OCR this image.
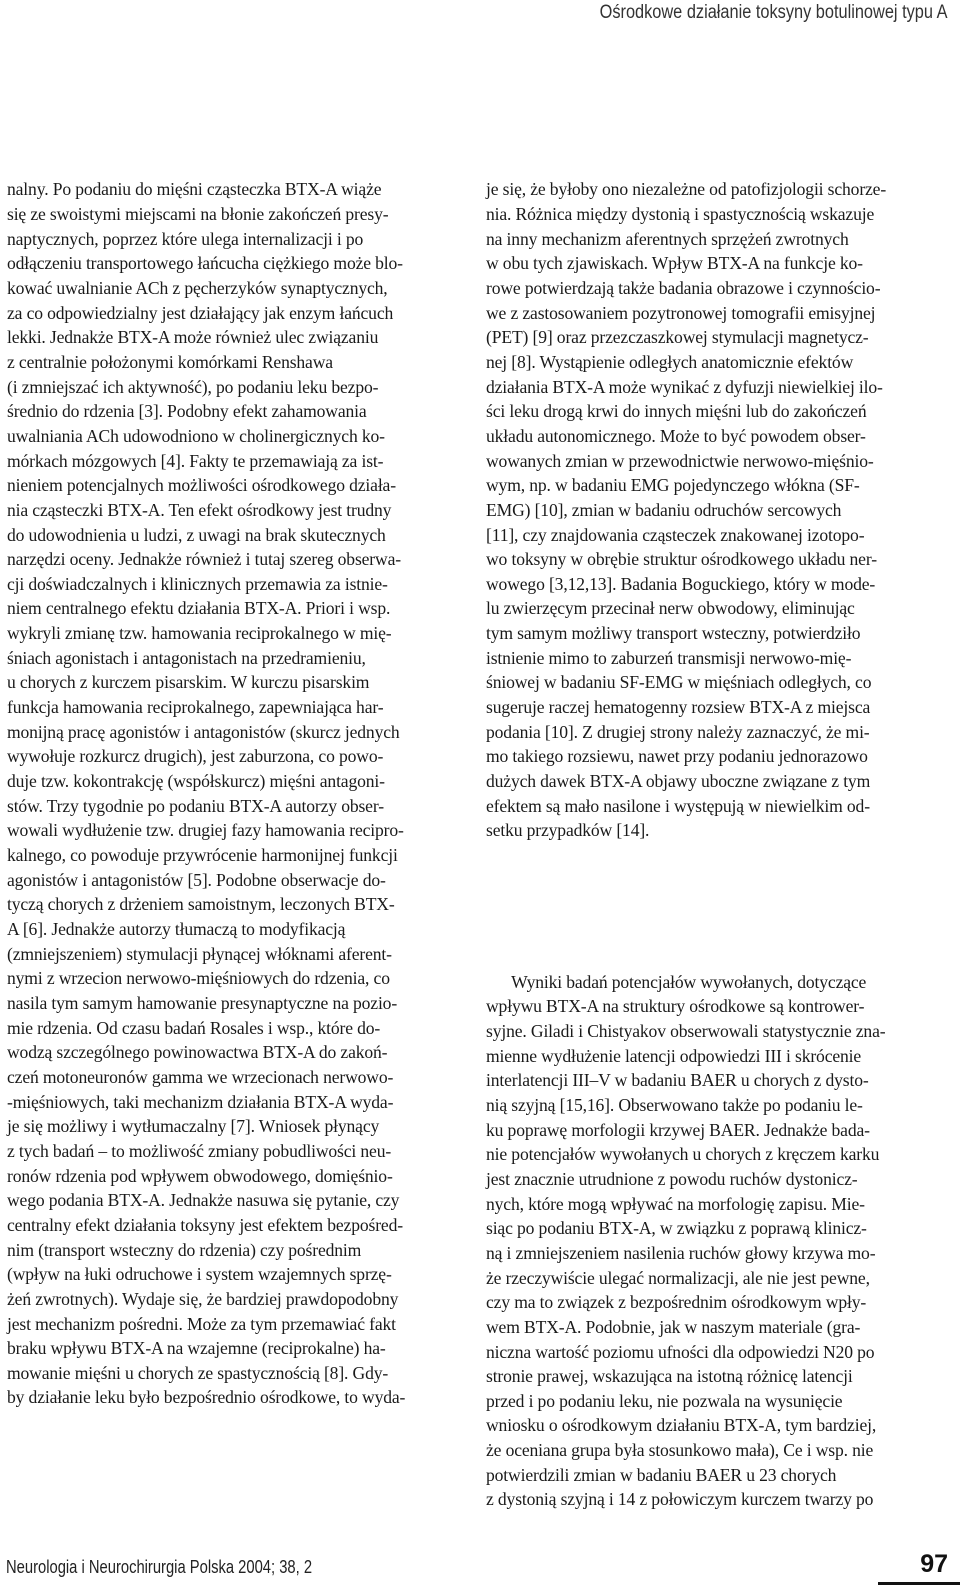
Ośrodkowe działanie toksyny botulinowej typu A

nalny. Po podaniu do mięśni cząsteczka BTX-A wiąże
się ze swoistymi miejscami na błonie zakończeń presy-
naptycznych, poprzez które ulega internalizacji i po
odłączeniu transportowego łańcucha ciężkiego może blo-
kować uwalnianie ACh z pęcherzyków synaptycznych,
za co odpowiedzialny jest działający jak enzym łańcuch
lekki. Jednakże BTX-A może również ulec związaniu
z centralnie położonymi komórkami Renshawa
(i zmniejszać ich aktywność), po podaniu leku bezpo-
średnio do rdzenia [3]. Podobny efekt zahamowania
uwalniania ACh udowodniono w cholinergicznych ko-
mórkach mózgowych [4]. Fakty te przemawiają za ist-
nieniem potencjalnych możliwości ośrodkowego działa-
nia cząsteczki BTX-A. Ten efekt ośrodkowy jest trudny
do udowodnienia u ludzi, z uwagi na brak skutecznych
narzędzi oceny. Jednakże również i tutaj szereg obserwa-
cji doświadczalnych i klinicznych przemawia za istnie-
niem centralnego efektu działania BTX-A. Priori i wsp.
wykryli zmianę tzw. hamowania reciprokalnego w mię-
śniach agonistach i antagonistach na przedramieniu,
u chorych z kurczem pisarskim. W kurczu pisarskim
funkcja hamowania reciprokalnego, zapewniająca har-
monijną pracę agonistów i antagonistów (skurcz jednych
wywołuje rozkurcz drugich), jest zaburzona, co powo-
duje tzw. kokontrakcję (współskurcz) mięśni antagoni-
stów. Trzy tygodnie po podaniu BTX-A autorzy obser-
wowali wydłużenie tzw. drugiej fazy hamowania recipro-
kalnego, co powoduje przywrócenie harmonijnej funkcji
agonistów i antagonistów [5]. Podobne obserwacje do-
tyczą chorych z drżeniem samoistnym, leczonych BTX-
A [6]. Jednakże autorzy tłumaczą to modyfikacją
(zmniejszeniem) stymulacji płynącej włóknami aferent-
nymi z wrzecion nerwowo-mięśniowych do rdzenia, co
nasila tym samym hamowanie presynaptyczne na pozio-
mie rdzenia. Od czasu badań Rosales i wsp., które do-
wodzą szczególnego powinowactwa BTX-A do zakoń-
czeń motoneuronów gamma we wrzecionach nerwowo-
-mięśniowych, taki mechanizm działania BTX-A wyda-
je się możliwy i wytłumaczalny [7]. Wniosek płynący
z tych badań – to możliwość zmiany pobudliwości neu-
ronów rdzenia pod wpływem obwodowego, domięśnio-
wego podania BTX-A. Jednakże nasuwa się pytanie, czy
centralny efekt działania toksyny jest efektem bezpośred-
nim (transport wsteczny do rdzenia) czy pośrednim
(wpływ na łuki odruchowe i system wzajemnych sprzę-
żeń zwrotnych). Wydaje się, że bardziej prawdopodobny
jest mechanizm pośredni. Może za tym przemawiać fakt
braku wpływu BTX-A na wzajemne (reciprokalne) ha-
mowanie mięśni u chorych ze spastycznością [8]. Gdy-
by działanie leku było bezpośrednio ośrodkowe, to wyda-

je się, że byłoby ono niezależne od patofizjologii schorze-
nia. Różnica między dystonią i spastycznością wskazuje
na inny mechanizm aferentnych sprzężeń zwrotnych
w obu tych zjawiskach. Wpływ BTX-A na funkcje ko-
rowe potwierdzają także badania obrazowe i czynnościo-
we z zastosowaniem pozytronowej tomografii emisyjnej
(PET) [9] oraz przezczaszkowej stymulacji magnetycz-
nej [8]. Wystąpienie odległych anatomicznie efektów
działania BTX-A może wynikać z dyfuzji niewielkiej ilo-
ści leku drogą krwi do innych mięśni lub do zakończeń
układu autonomicznego. Może to być powodem obser-
wowanych zmian w przewodnictwie nerwowo-mięśnio-
wym, np. w badaniu EMG pojedynczego włókna (SF-
EMG) [10], zmian w badaniu odruchów sercowych
[11], czy znajdowania cząsteczek znakowanej izotopo-
wo toksyny w obrębie struktur ośrodkowego układu ner-
wowego [3,12,13]. Badania Boguckiego, który w mode-
lu zwierzęcym przecinał nerw obwodowy, eliminując
tym samym możliwy transport wsteczny, potwierdziło
istnienie mimo to zaburzeń transmisji nerwowo-mię-
śniowej w badaniu SF-EMG w mięśniach odległych, co
sugeruje raczej hematogenny rozsiew BTX-A z miejsca
podania [10]. Z drugiej strony należy zaznaczyć, że mi-
mo takiego rozsiewu, nawet przy podaniu jednorazowo
dużych dawek BTX-A objawy uboczne związane z tym
efektem są mało nasilone i występują w niewielkim od-
setku przypadków [14].

Wyniki badań potencjałów wywołanych, dotyczące
wpływu BTX-A na struktury ośrodkowe są kontrower-
syjne. Giladi i Chistyakov obserwowali statystycznie zna-
mienne wydłużenie latencji odpowiedzi III i skrócenie
interlatencji III–V w badaniu BAER u chorych z dysto-
nią szyjną [15,16]. Obserwowano także po podaniu le-
ku poprawę morfologii krzywej BAER. Jednakże bada-
nie potencjałów wywołanych u chorych z kręczem karku
jest znacznie utrudnione z powodu ruchów dystonicz-
nych, które mogą wpływać na morfologię zapisu. Mie-
siąc po podaniu BTX-A, w związku z poprawą klinicz-
ną i zmniejszeniem nasilenia ruchów głowy krzywa mo-
że rzeczywiście ulegać normalizacji, ale nie jest pewne,
czy ma to związek z bezpośrednim ośrodkowym wpły-
wem BTX-A. Podobnie, jak w naszym materiale (gra-
niczna wartość poziomu ufności dla odpowiedzi N20 po
stronie prawej, wskazująca na istotną różnicę latencji
przed i po podaniu leku, nie pozwala na wysunięcie
wniosku o ośrodkowym działaniu BTX-A, tym bardziej,
że oceniana grupa była stosunkowo mała), Ce i wsp. nie
potwierdzili zmian w badaniu BAER u 23 chorych
z dystonią szyjną i 14 z połowiczym kurczem twarzy po

Neurologia i Neurochirurgia Polska 2004; 38, 2	97
